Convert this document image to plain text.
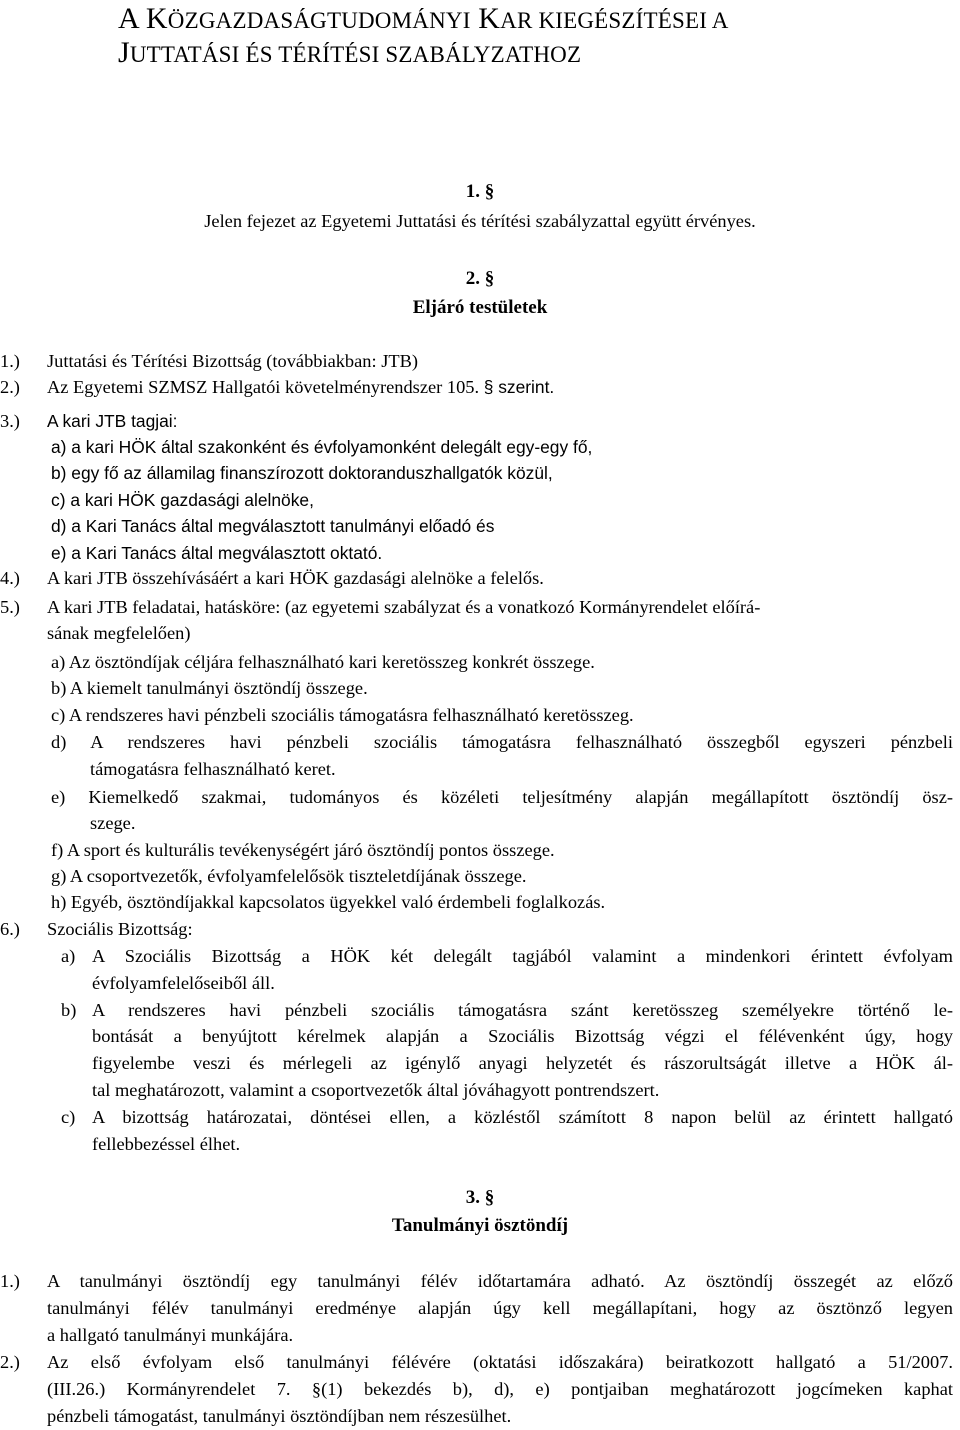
A KÖZGAZDASÁGTUDOMÁNYI KAR KIEGÉSZÍTÉSEI A
JUTTATÁSI ÉS TÉRÍTÉSI SZABÁLYZATHOZ
1. §
Jelen fejezet az Egyetemi Juttatási és térítési szabályzattal együtt érvényes.
2. §
Eljáró testületek
1.) Juttatási és Térítési Bizottság (továbbiakban: JTB)
2.) Az Egyetemi SZMSZ Hallgatói követelményrendszer 105. § szerint.
3.) A kari JTB tagjai:
a) a kari HÖK által szakonként és évfolyamonként delegált egy-egy fő,
b) egy fő az államilag finanszírozott doktoranduszhallgatók közül,
c) a kari HÖK gazdasági alelnöke,
d) a Kari Tanács által megválasztott tanulmányi előadó és
e) a Kari Tanács által megválasztott oktató.
4.) A kari JTB összehívásáért a kari HÖK gazdasági alelnöke a felelős.
5.) A kari JTB feladatai, hatásköre: (az egyetemi szabályzat és a vonatkozó Kormányrendelet előírá-
sának megfelelően)
a) Az ösztöndíjak céljára felhasználható kari keretösszeg konkrét összege.
b) A kiemelt tanulmányi ösztöndíj összege.
c) A rendszeres havi pénzbeli szociális támogatásra felhasználható keretösszeg.
d) A rendszeres havi pénzbeli szociális támogatásra felhasználható összegből egyszeri pénzbeli
támogatásra felhasználható keret.
e) Kiemelkedő szakmai, tudományos és közéleti teljesítmény alapján megállapított ösztöndíj ösz-
szege.
f) A sport és kulturális tevékenységért járó ösztöndíj pontos összege.
g) A csoportvezetők, évfolyamfelelősök tiszteletdíjának összege.
h) Egyéb, ösztöndíjakkal kapcsolatos ügyekkel való érdembeli foglalkozás.
6.) Szociális Bizottság:
a) A Szociális Bizottság a HÖK két delegált tagjából valamint a mindenkori érintett évfolyam
évfolyamfelelőseiből áll.
b) A rendszeres havi pénzbeli szociális támogatásra szánt keretösszeg személyekre történő le-
bontását a benyújtott kérelmek alapján a Szociális Bizottság végzi el félévenként úgy, hogy
figyelembe veszi és mérlegeli az igénylő anyagi helyzetét és rászorultságát illetve a HÖK ál-
tal meghatározott, valamint a csoportvezetők által jóváhagyott pontrendszert.
c) A bizottság határozatai, döntései ellen, a közléstől számított 8 napon belül az érintett hallgató
fellebbezéssel élhet.
3. §
Tanulmányi ösztöndíj
1.) A tanulmányi ösztöndíj egy tanulmányi félév időtartamára adható. Az ösztöndíj összegét az előző
tanulmányi félév tanulmányi eredménye alapján úgy kell megállapítani, hogy az ösztönző legyen
a hallgató tanulmányi munkájára.
2.) Az első évfolyam első tanulmányi félévére (oktatási időszakára) beiratkozott hallgató a 51/2007.
(III.26.) Kormányrendelet 7. §(1) bekezdés b), d), e) pontjaiban meghatározott jogcímeken kaphat
pénzbeli támogatást, tanulmányi ösztöndíjban nem részesülhet.
